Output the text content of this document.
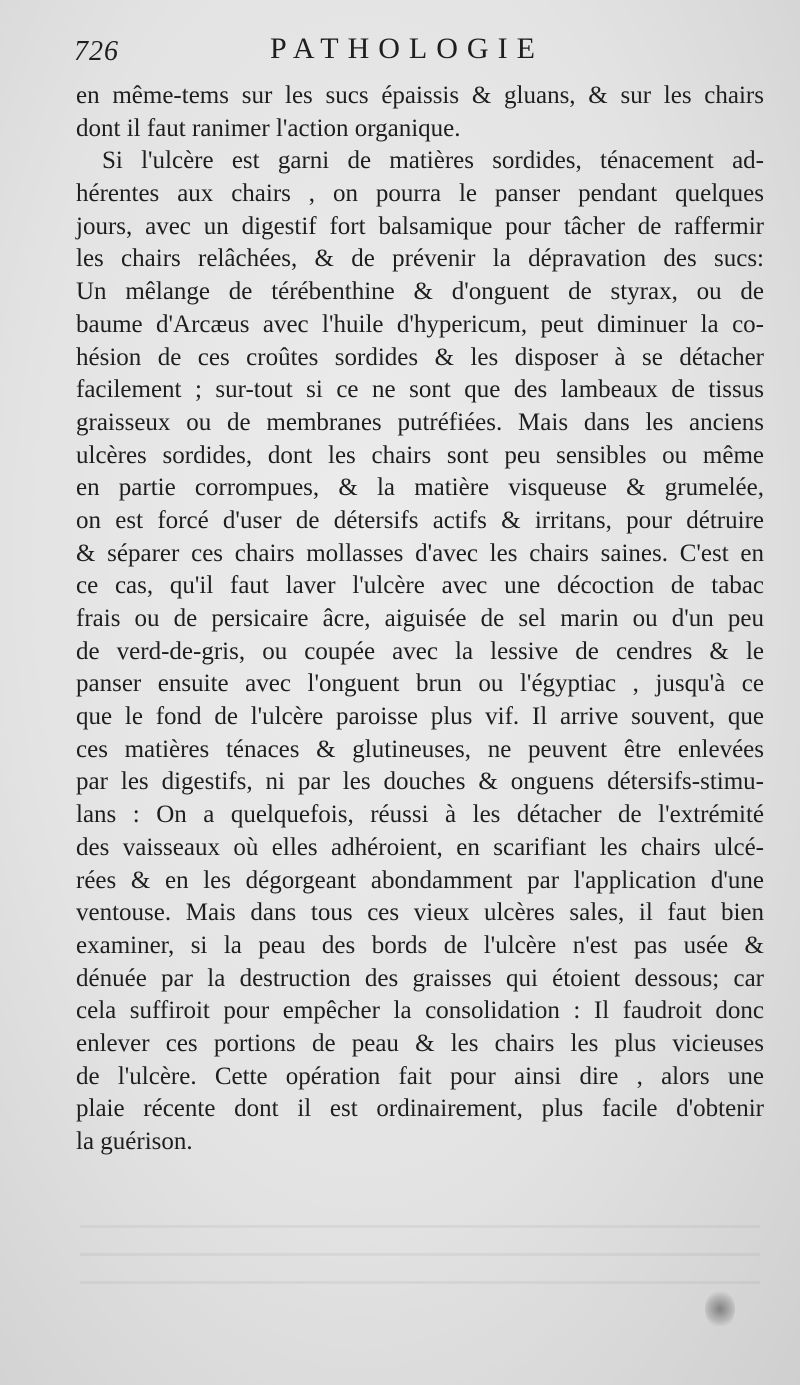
726	PATHOLOGIE
en même-tems sur les sucs épaissis & gluans, & sur les chairs
dont il faut ranimer l'action organique.
Si l'ulcère est garni de matières sordides, ténacement ad-
hérentes aux chairs , on pourra le panser pendant quelques
jours, avec un digestif fort balsamique pour tâcher de raffermir
les chairs relâchées, & de prévenir la dépravation des sucs:
Un mêlange de térébenthine & d'onguent de styrax, ou de
baume d'Arcæus avec l'huile d'hypericum, peut diminuer la co-
hésion de ces croûtes sordides & les disposer à se détacher
facilement ; sur-tout si ce ne sont que des lambeaux de tissus
graisseux ou de membranes putréfiées. Mais dans les anciens
ulcères sordides, dont les chairs sont peu sensibles ou même
en partie corrompues, & la matière visqueuse & grumelée,
on est forcé d'user de détersifs actifs & irritans, pour détruire
& séparer ces chairs mollasses d'avec les chairs saines. C'est en
ce cas, qu'il faut laver l'ulcère avec une décoction de tabac
frais ou de persicaire âcre, aiguisée de sel marin ou d'un peu
de verd-de-gris, ou coupée avec la lessive de cendres & le
panser ensuite avec l'onguent brun ou l'égyptiac , jusqu'à ce
que le fond de l'ulcère paroisse plus vif. Il arrive souvent, que
ces matières ténaces & glutineuses, ne peuvent être enlevées
par les digestifs, ni par les douches & onguens détersifs-stimu-
lans : On a quelquefois, réussi à les détacher de l'extrémité
des vaisseaux où elles adhéroient, en scarifiant les chairs ulcé-
rées & en les dégorgeant abondamment par l'application d'une
ventouse. Mais dans tous ces vieux ulcères sales, il faut bien
examiner, si la peau des bords de l'ulcère n'est pas usée &
dénuée par la destruction des graisses qui étoient dessous; car
cela suffiroit pour empêcher la consolidation : Il faudroit donc
enlever ces portions de peau & les chairs les plus vicieuses
de l'ulcère. Cette opération fait pour ainsi dire , alors une
plaie récente dont il est ordinairement, plus facile d'obtenir
la guérison.
